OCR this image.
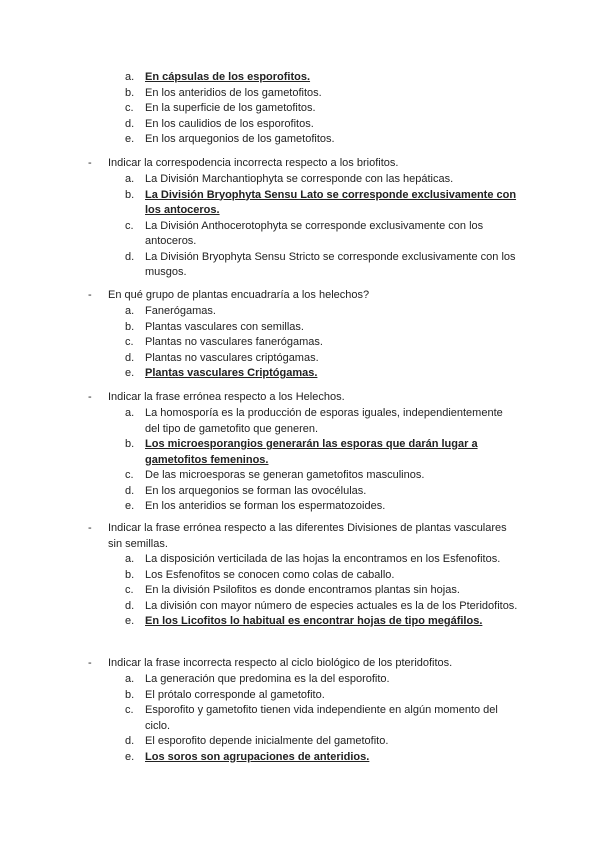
a. En cápsulas de los esporofitos.
b. En los anteridios de los gametofitos.
c.	En la superficie de los gametofitos.
d. En los caulidios de los esporofitos.
e. En los arquegonios de los gametofitos.
- Indicar la correspodencia incorrecta respecto a los briofitos.
a. La División Marchantiophyta se corresponde con las hepáticas.
b. La División Bryophyta Sensu Lato se corresponde exclusivamente con los antoceros.
c.	La División Anthocerotophyta se corresponde exclusivamente con los antoceros.
d. La División Bryophyta Sensu Stricto se corresponde exclusivamente con los musgos.
- En qué grupo de plantas encuadraría a los helechos?
a. Fanerógamas.
b. Plantas vasculares con semillas.
c.	Plantas no vasculares fanerógamas.
d. Plantas no vasculares criptógamas.
e. Plantas vasculares Criptógamas.
- Indicar la frase errónea respecto a los Helechos.
a. La homosporía es la producción de esporas iguales, independientemente del tipo de gametofito que generen.
b. Los microesporangios generarán las esporas que darán lugar a gametofitos femeninos.
c.	De las microesporas se generan gametofitos masculinos.
d. En los arquegonios se forman las ovocélulas.
e. En los anteridios se forman los espermatozoides.
- Indicar la frase errónea respecto a las diferentes Divisiones de plantas vasculares sin semillas.
a. La disposición verticilada de las hojas la encontramos en los Esfenofitos.
b. Los Esfenofitos se conocen como colas de caballo.
c.	En la división Psilofitos es donde encontramos plantas sin hojas.
d. La división con mayor número de especies actuales es la de los Pteridofitos.
e. En los Licofitos lo habitual es encontrar hojas de tipo megáfilos.
- Indicar la frase incorrecta respecto al ciclo biológico de los pteridofitos.
a. La generación que predomina es la del esporofito.
b. El prótalo corresponde al gametofito.
c.	Esporofito y gametofito tienen vida independiente en algún momento del ciclo.
d. El esporofito depende inicialmente del gametofito.
e. Los soros son agrupaciones de anteridios.
